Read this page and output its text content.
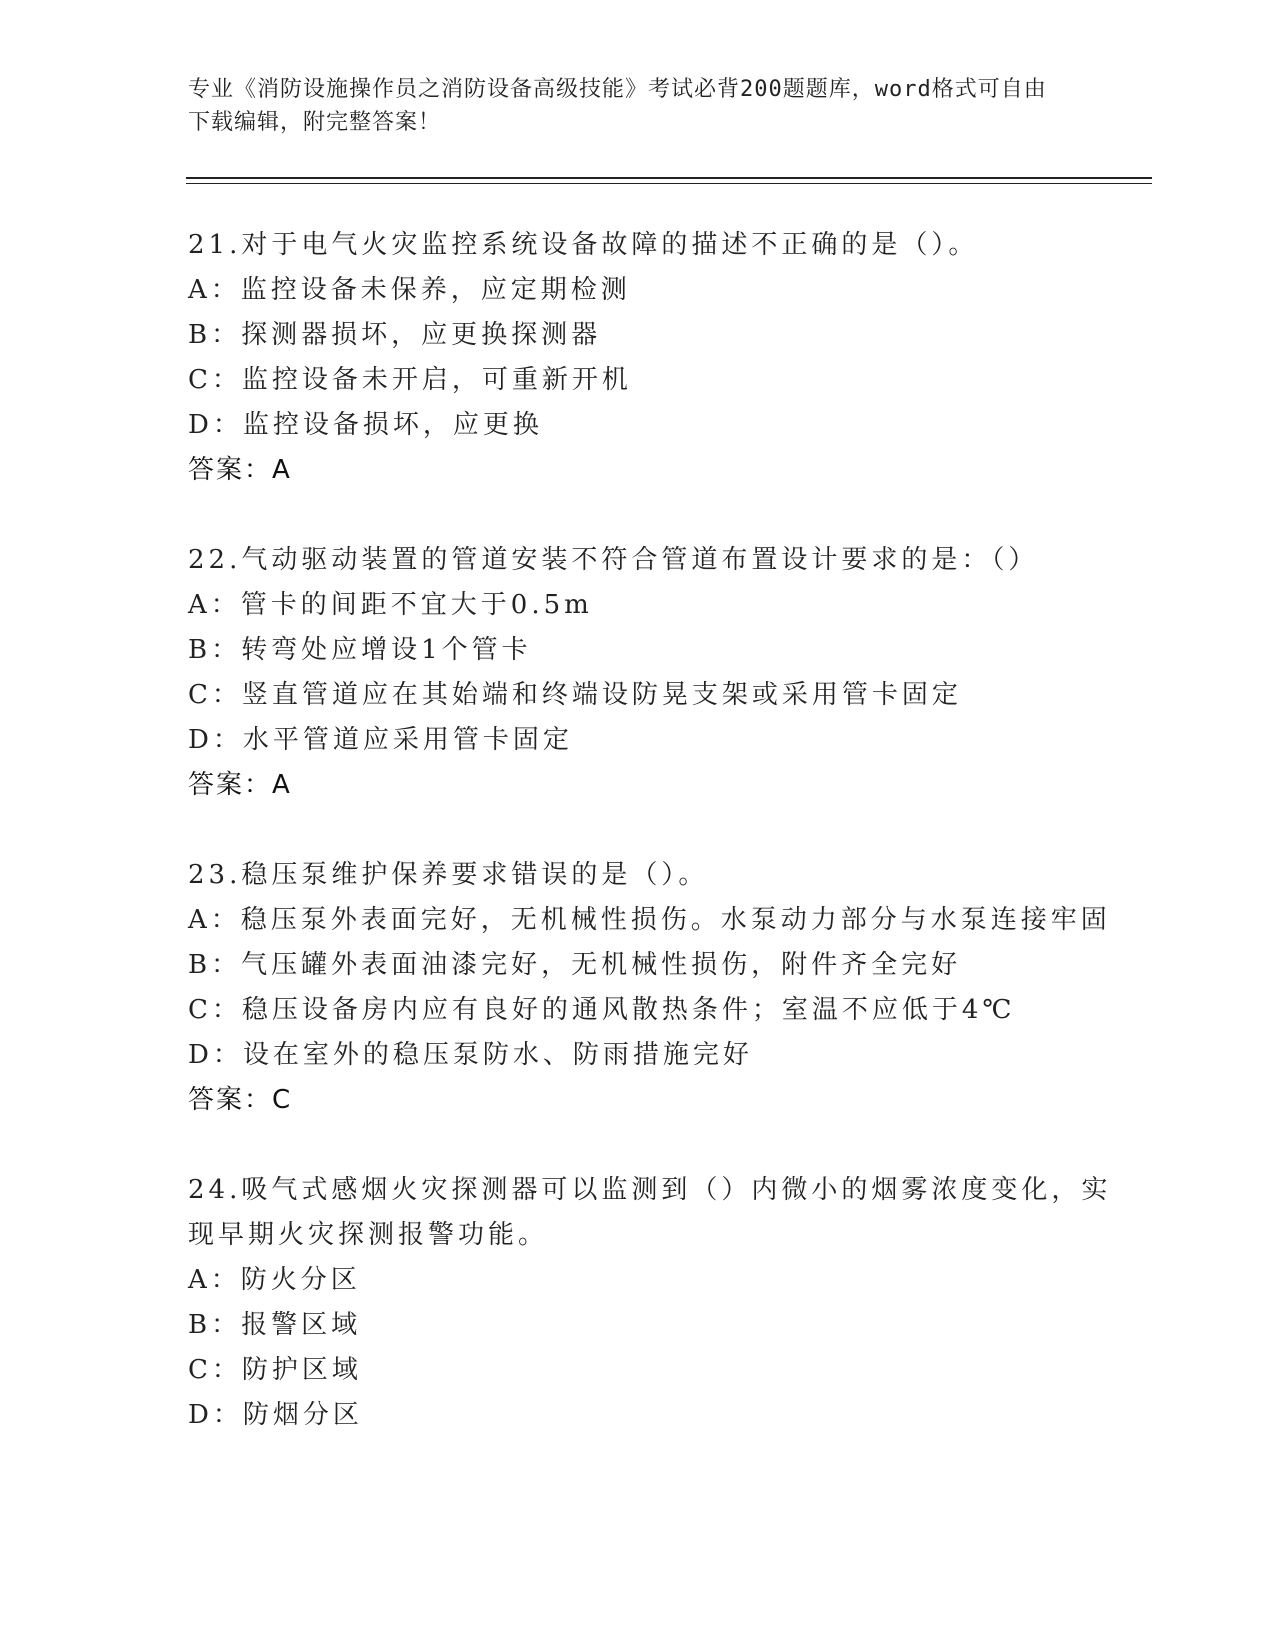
专业《消防设施操作员之消防设备高级技能》考试必背200题题库，word格式可自由下载编辑，附完整答案！
21.对于电气火灾监控系统设备故障的描述不正确的是（）。
A：监控设备未保养，应定期检测
B：探测器损坏，应更换探测器
C：监控设备未开启，可重新开机
D：监控设备损坏，应更换
答案：A
22.气动驱动装置的管道安装不符合管道布置设计要求的是：（）
A：管卡的间距不宜大于0.5m
B：转弯处应增设1个管卡
C：竖直管道应在其始端和终端设防晃支架或采用管卡固定
D：水平管道应采用管卡固定
答案：A
23.稳压泵维护保养要求错误的是（）。
A：稳压泵外表面完好，无机械性损伤。水泵动力部分与水泵连接牢固
B：气压罐外表面油漆完好，无机械性损伤，附件齐全完好
C：稳压设备房内应有良好的通风散热条件；室温不应低于4℃
D：设在室外的稳压泵防水、防雨措施完好
答案：C
24.吸气式感烟火灾探测器可以监测到（）内微小的烟雾浓度变化，实
现早期火灾探测报警功能。
A：防火分区
B：报警区域
C：防护区域
D：防烟分区
